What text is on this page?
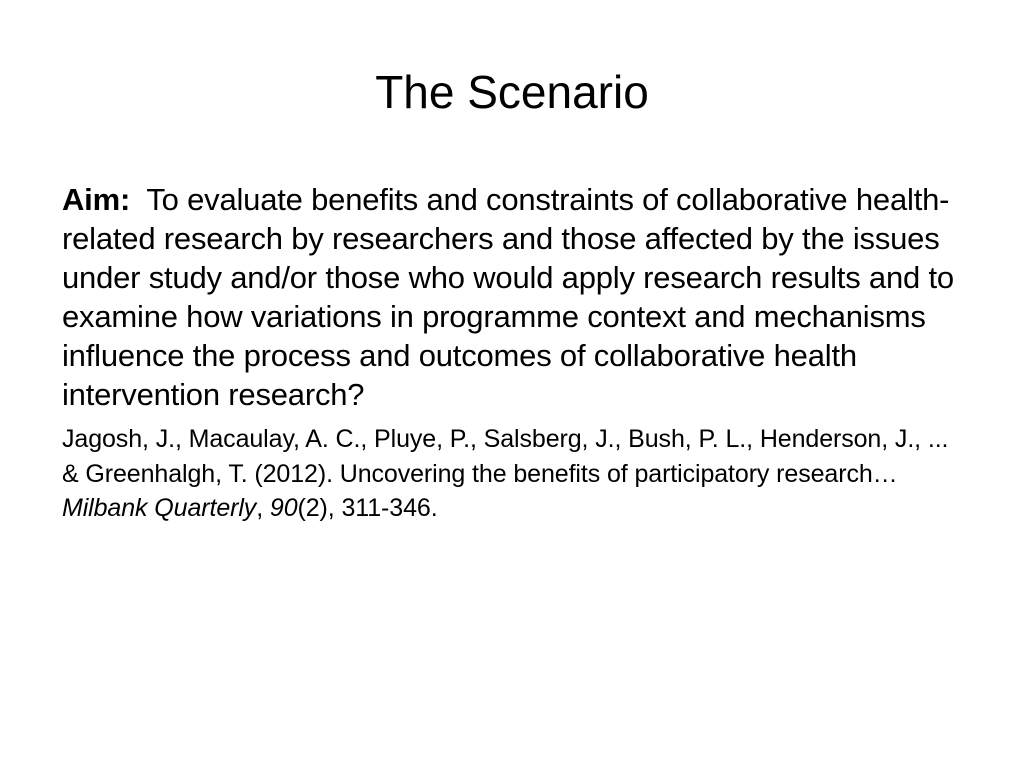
The Scenario

Aim: To evaluate benefits and constraints of collaborative health-related research by researchers and those affected by the issues under study and/or those who would apply research results and to examine how variations in programme context and mechanisms influence the process and outcomes of collaborative health intervention research?

Jagosh, J., Macaulay, A. C., Pluye, P., Salsberg, J., Bush, P. L., Henderson, J., ... & Greenhalgh, T. (2012). Uncovering the benefits of participatory research… Milbank Quarterly, 90(2), 311-346.
